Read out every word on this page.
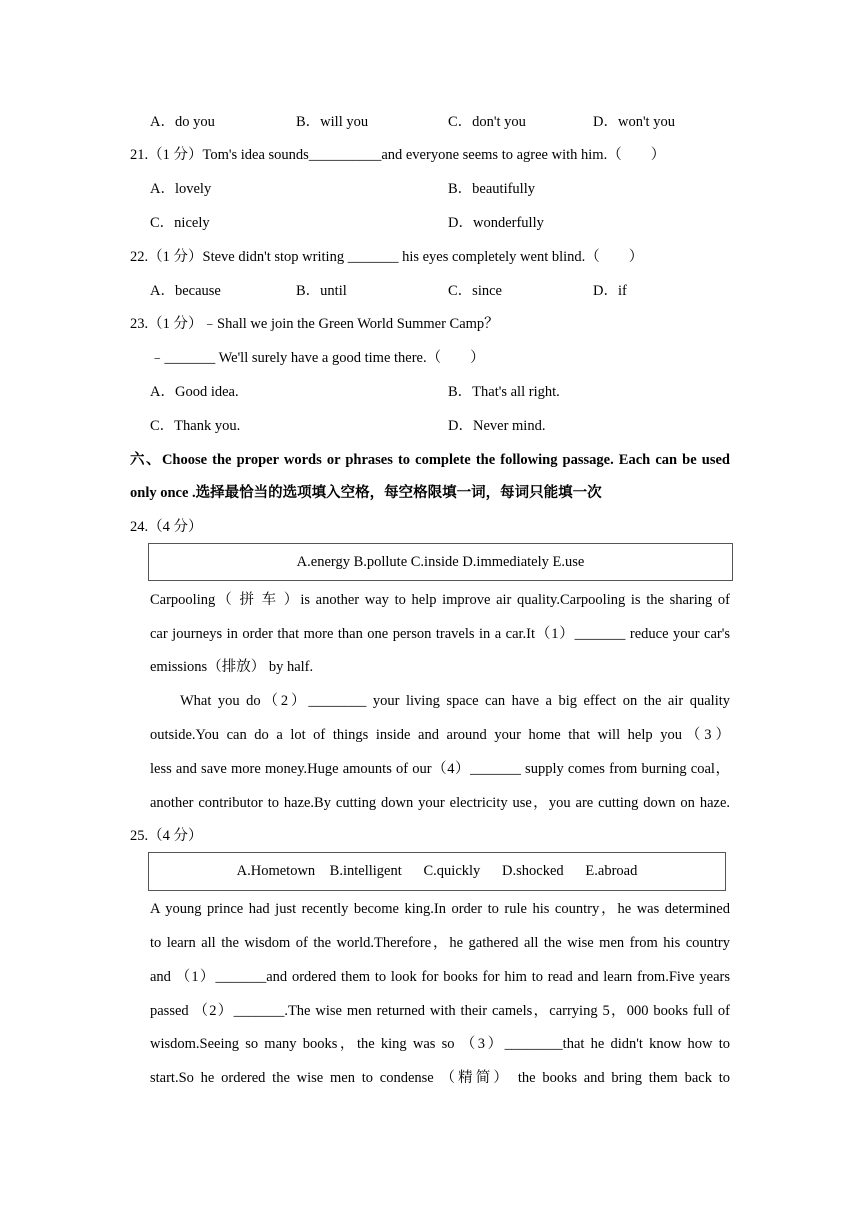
A．do you	B．will you	C．don't you	D．won't you
21.（1 分）Tom's idea sounds__________and everyone seems to agree with him.（　　）
A．lovely	B．beautifully
C．nicely	D．wonderfully
22.（1 分）Steve didn't stop writing _______ his eyes completely went blind.（　　）
A．because	B．until	C．since	D．if
23.（1 分）﹣Shall we join the Green World Summer Camp？
﹣_______ We'll surely have a good time there.（　　）
A．Good idea.	B．That's all right.
C．Thank you.	D．Never mind.
六、Choose the proper words or phrases to complete the following passage. Each can be used
only once .选择最恰当的选项填入空格，每空格限填一词，每词只能填一次
24.（4 分）
A.energy B.pollute C.inside D.immediately E.use
Carpooling（ 拼 车 ）is another way to help improve air quality.Carpooling is the sharing of
car journeys in order that more than one person travels in a car.It（1）_______ reduce your car's
emissions（排放） by half.
What you do（2）________ your living space can have a big effect on the air quality
outside.You can do a lot of things inside and around your home that will help you（3）
less and save more money.Huge amounts of our（4）_______ supply comes from burning coal，
another contributor to haze.By cutting down your electricity use，you are cutting down on haze.
25.（4 分）
A.Hometown    B.intelligent      C.quickly      D.shocked      E.abroad
A young prince had just recently become king.In order to rule his country，he was determined
to learn all the wisdom of the world.Therefore，he gathered all the wise men from his country
and （1）_______and ordered them to look for books for him to read and learn from.Five years
passed （2）_______.The wise men returned with their camels，carrying 5，000 books full of
wisdom.Seeing so many books，the king was so （3）________that he didn't know how to
start.So he ordered the wise men to condense （精简） the books and bring them back to
